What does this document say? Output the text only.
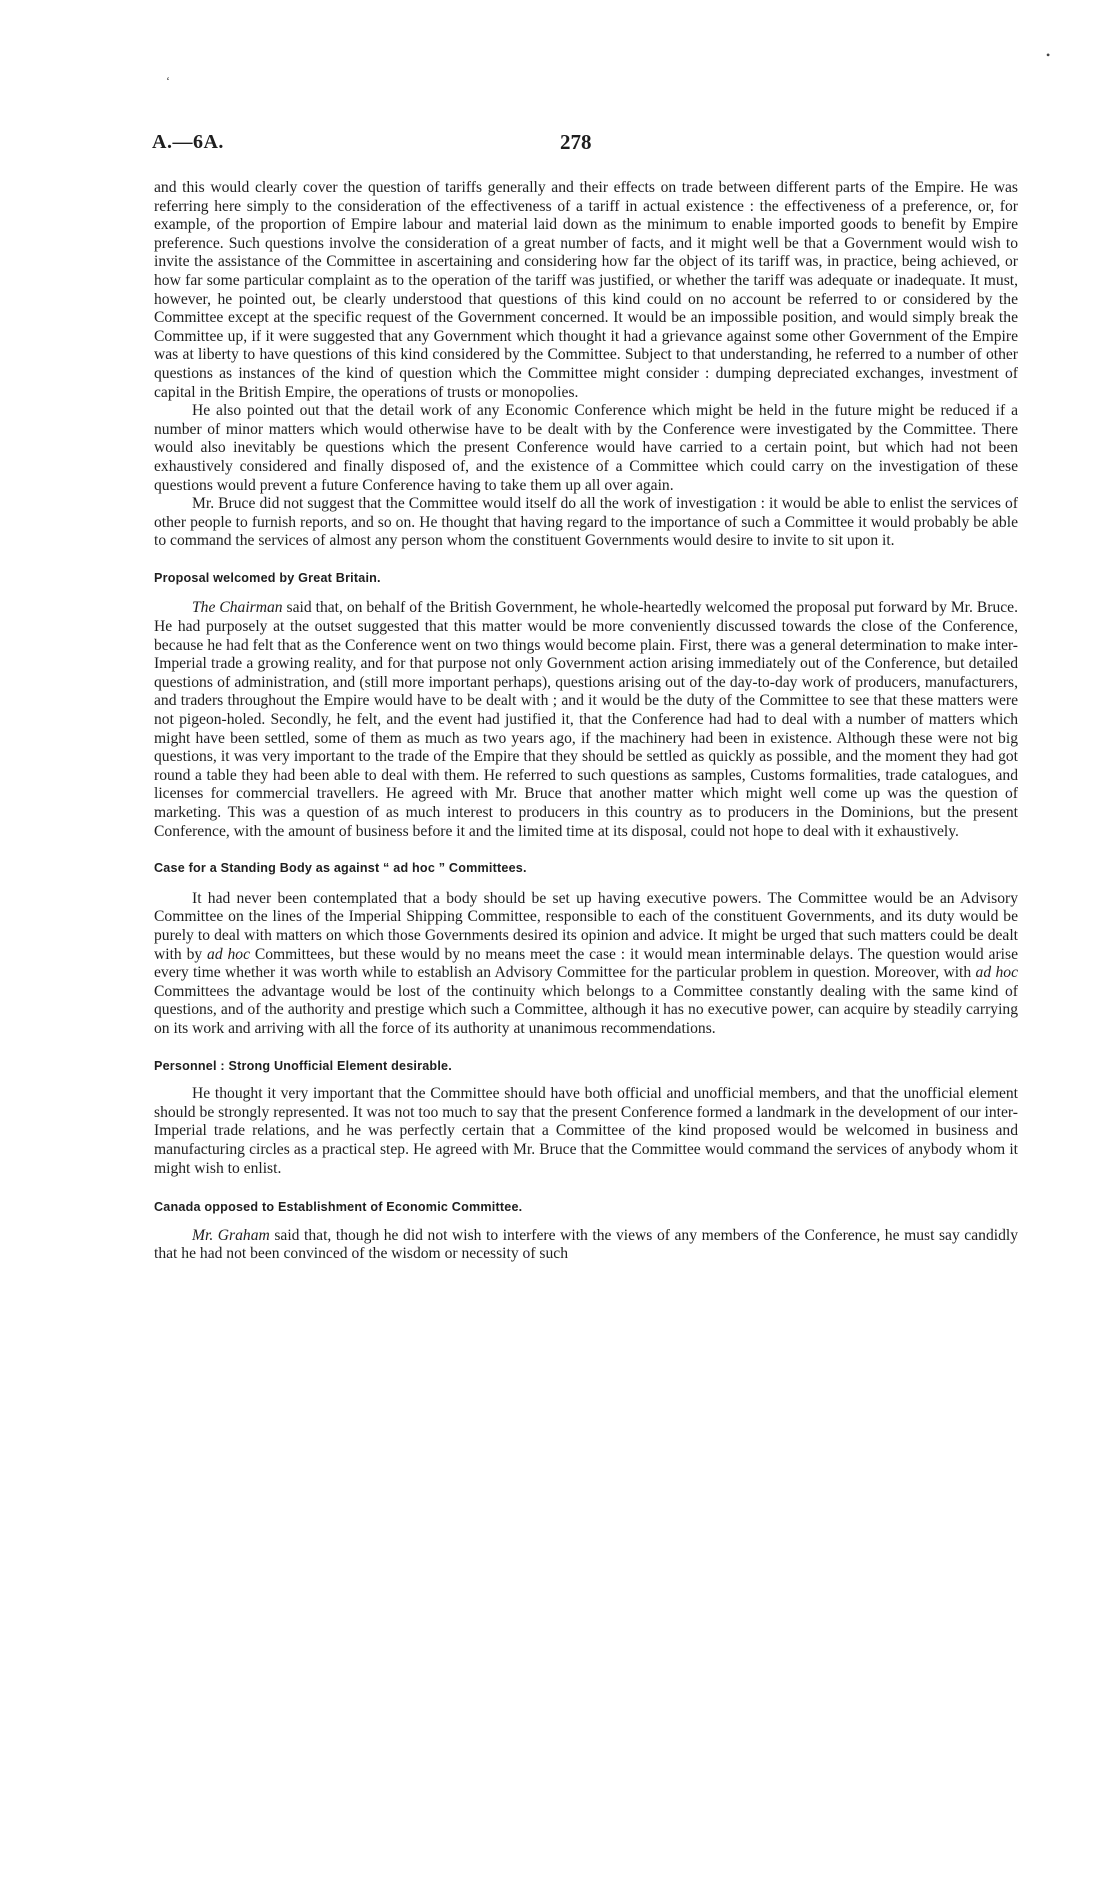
‘
•
A.—6A.	278

and this would clearly cover the question of tariffs generally and their effects on trade between different parts of the Empire. He was referring here simply to the consideration of the effectiveness of a tariff in actual existence : the effectiveness of a preference, or, for example, of the proportion of Empire labour and material laid down as the minimum to enable imported goods to benefit by Empire preference. Such questions involve the consideration of a great number of facts, and it might well be that a Government would wish to invite the assistance of the Committee in ascertaining and considering how far the object of its tariff was, in practice, being achieved, or how far some particular complaint as to the operation of the tariff was justified, or whether the tariff was adequate or inadequate. It must, however, he pointed out, be clearly understood that questions of this kind could on no account be referred to or considered by the Committee except at the specific request of the Government concerned. It would be an impossible position, and would simply break the Committee up, if it were suggested that any Government which thought it had a grievance against some other Government of the Empire was at liberty to have questions of this kind considered by the Committee. Subject to that understanding, he referred to a number of other questions as instances of the kind of question which the Committee might consider : dumping depreciated exchanges, investment of capital in the British Empire, the operations of trusts or monopolies.

He also pointed out that the detail work of any Economic Conference which might be held in the future might be reduced if a number of minor matters which would otherwise have to be dealt with by the Conference were investigated by the Committee. There would also inevitably be questions which the present Conference would have carried to a certain point, but which had not been exhaustively considered and finally disposed of, and the existence of a Committee which could carry on the investigation of these questions would prevent a future Conference having to take them up all over again.

Mr. Bruce did not suggest that the Committee would itself do all the work of investigation : it would be able to enlist the services of other people to furnish reports, and so on. He thought that having regard to the importance of such a Committee it would probably be able to command the services of almost any person whom the constituent Governments would desire to invite to sit upon it.

Proposal welcomed by Great Britain.

The Chairman said that, on behalf of the British Government, he whole-heartedly welcomed the proposal put forward by Mr. Bruce. He had purposely at the outset suggested that this matter would be more conveniently discussed towards the close of the Conference, because he had felt that as the Conference went on two things would become plain. First, there was a general determination to make inter-Imperial trade a growing reality, and for that purpose not only Government action arising immediately out of the Conference, but detailed questions of administration, and (still more important perhaps), questions arising out of the day-to-day work of producers, manufacturers, and traders throughout the Empire would have to be dealt with ; and it would be the duty of the Committee to see that these matters were not pigeon-holed. Secondly, he felt, and the event had justified it, that the Conference had had to deal with a number of matters which might have been settled, some of them as much as two years ago, if the machinery had been in existence. Although these were not big questions, it was very important to the trade of the Empire that they should be settled as quickly as possible, and the moment they had got round a table they had been able to deal with them. He referred to such questions as samples, Customs formalities, trade catalogues, and licenses for commercial travellers. He agreed with Mr. Bruce that another matter which might well come up was the question of marketing. This was a question of as much interest to producers in this country as to producers in the Dominions, but the present Conference, with the amount of business before it and the limited time at its disposal, could not hope to deal with it exhaustively.

Case for a Standing Body as against “ ad hoc ” Committees.

It had never been contemplated that a body should be set up having executive powers. The Committee would be an Advisory Committee on the lines of the Imperial Shipping Committee, responsible to each of the constituent Governments, and its duty would be purely to deal with matters on which those Governments desired its opinion and advice. It might be urged that such matters could be dealt with by ad hoc Committees, but these would by no means meet the case : it would mean interminable delays. The question would arise every time whether it was worth while to establish an Advisory Committee for the particular problem in question. Moreover, with ad hoc Committees the advantage would be lost of the continuity which belongs to a Committee constantly dealing with the same kind of questions, and of the authority and prestige which such a Committee, although it has no executive power, can acquire by steadily carrying on its work and arriving with all the force of its authority at unanimous recommendations.

Personnel : Strong Unofficial Element desirable.

He thought it very important that the Committee should have both official and unofficial members, and that the unofficial element should be strongly represented. It was not too much to say that the present Conference formed a landmark in the development of our inter-Imperial trade relations, and he was perfectly certain that a Committee of the kind proposed would be welcomed in business and manufacturing circles as a practical step. He agreed with Mr. Bruce that the Committee would command the services of anybody whom it might wish to enlist.

Canada opposed to Establishment of Economic Committee.

Mr. Graham said that, though he did not wish to interfere with the views of any members of the Conference, he must say candidly that he had not been convinced of the wisdom or necessity of such
